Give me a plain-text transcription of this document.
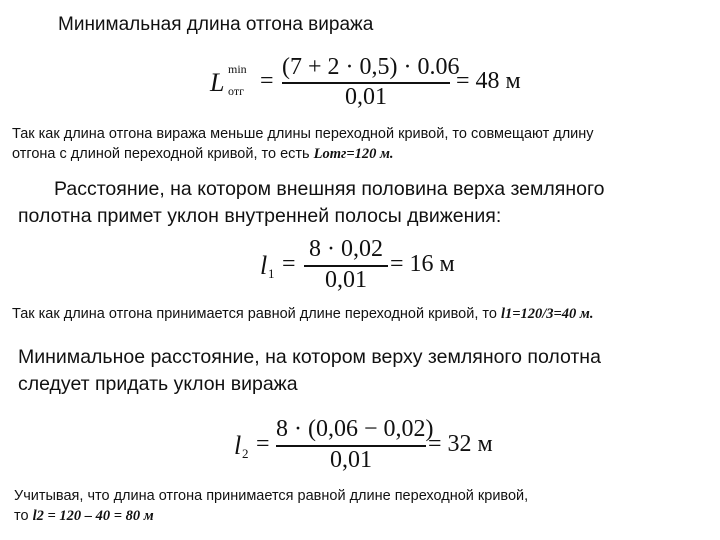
Минимальная длина отгона виража
L min
отг =
(7 + 2 · 0,5) · 0.06
0,01
= 48 м
Так как длина отгона виража меньше длины переходной кривой, то совмещают длину
отгона с длиной переходной кривой, то есть Lотг=120 м.
Расстояние, на котором внешняя половина верха земляного
полотна примет уклон внутренней полосы движения:
l 1 =
8 · 0,02
0,01
= 16 м
Так как длина отгона принимается равной длине переходной кривой, то l1=120/3=40 м.
Минимальное расстояние, на котором верху земляного полотна
следует придать уклон виража
l 2 =
8 · (0,06 − 0,02)
0,01
= 32 м
Учитывая, что длина отгона принимается равной длине переходной кривой,
то l2 = 120 – 40 = 80 м
